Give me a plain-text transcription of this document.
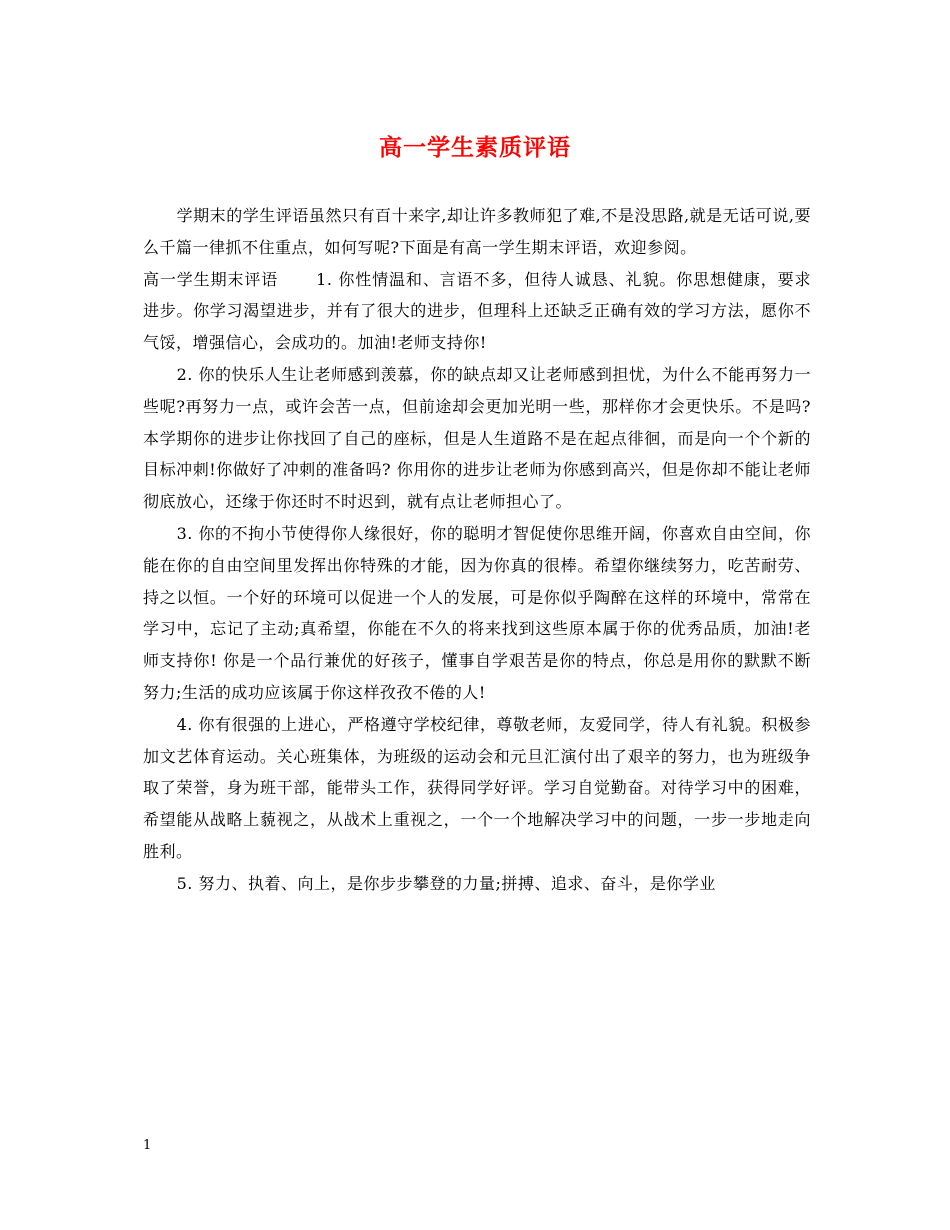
高一学生素质评语

学期末的学生评语虽然只有百十来字,却让许多教师犯了难,不是没思路,就是无话可说,要么千篇一律抓不住重点，如何写呢?下面是有高一学生期末评语，欢迎参阅。

高一学生期末评语 1. 你性情温和、言语不多，但待人诚恳、礼貌。你思想健康，要求进步。你学习渴望进步，并有了很大的进步，但理科上还缺乏正确有效的学习方法，愿你不气馁，增强信心，会成功的。加油!老师支持你!

2. 你的快乐人生让老师感到羡慕，你的缺点却又让老师感到担忧，为什么不能再努力一些呢?再努力一点，或许会苦一点，但前途却会更加光明一些，那样你才会更快乐。不是吗? 本学期你的进步让你找回了自己的座标，但是人生道路不是在起点徘徊，而是向一个个新的目标冲刺!你做好了冲刺的准备吗? 你用你的进步让老师为你感到高兴，但是你却不能让老师彻底放心，还缘于你还时不时迟到，就有点让老师担心了。

3. 你的不拘小节使得你人缘很好，你的聪明才智促使你思维开阔，你喜欢自由空间，你能在你的自由空间里发挥出你特殊的才能，因为你真的很棒。希望你继续努力，吃苦耐劳、持之以恒。一个好的环境可以促进一个人的发展，可是你似乎陶醉在这样的环境中，常常在学习中，忘记了主动;真希望，你能在不久的将来找到这些原本属于你的优秀品质，加油!老师支持你! 你是一个品行兼优的好孩子，懂事自学艰苦是你的特点，你总是用你的默默不断努力;生活的成功应该属于你这样孜孜不倦的人!

4. 你有很强的上进心，严格遵守学校纪律，尊敬老师，友爱同学，待人有礼貌。积极参加文艺体育运动。关心班集体，为班级的运动会和元旦汇演付出了艰辛的努力，也为班级争取了荣誉，身为班干部，能带头工作，获得同学好评。学习自觉勤奋。对待学习中的困难，希望能从战略上藐视之，从战术上重视之，一个一个地解决学习中的问题，一步一步地走向胜利。

5. 努力、执着、向上，是你步步攀登的力量;拼搏、追求、奋斗，是你学业

1
